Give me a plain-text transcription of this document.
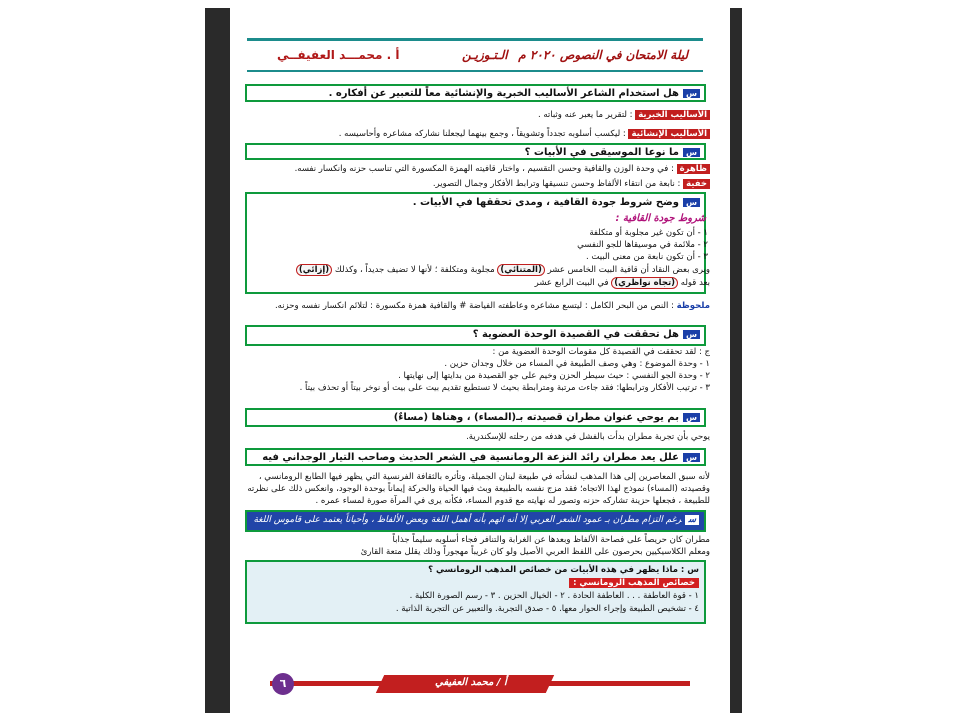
ليلة الامتحان في النصوص ٢٠٢٠ م
الـتـوزيـن
أ . محمـــد العفيفــي
سهل استخدام الشاعر الأساليب الخبرية والإنشائية معاً للتعبير عن أفكاره .
الأساليب الخبرية : لتقرير ما يعبر عنه وثباته .
الأساليب الإنشائية : ليكسب أسلوبه تجدداً وتشويقاً ، وجمع بينهما ليجعلنا نشاركه مشاعره وأحاسيسه .
سما نوعا الموسيقى في الأبيات ؟
ظاهرة : في وحدة الوزن والقافية وحسن التقسيم ، واختار قافيته الهمزة المكسورة التي تناسب حزنه وانكسار نفسه.
خفية : نابعة من انتقاء الألفاظ وحسن تنسيقها وترابط الأفكار وجمال التصوير.
سوضح شروط جودة القافية ، ومدى تحققها في الأبيات .
شروط جودة القافية :
١ - أن تكون غير مجلوبة أو متكلفة
٢ - ملائمة في موسيقاها للجو النفسي
٣ - أن تكون نابعة من معنى البيت .
ويرى بعض النقاد أن قافية البيت الخامس عشر (المتنائي) مجلوبة ومتكلفة ؛ لأنها لا تضيف جديداً ، وكذلك (إزائي)
بعد قوله (تجاه نواظري) في البيت الرابع عشر
ملحوظة : النص من البحر الكامل : ليتسع مشاعره وعاطفته الفياضة # والقافية همزة مكسورة : لتلائم انكسار نفسه وحزنه.
سهل تحققت في القصيدة الوحدة العضوية ؟
ج : لقد تحققت في القصيدة كل مقومات الوحدة العضوية من :
١ - وحدة الموضوع : وهي وصف الطبيعة في المساء من خلال وجدان حزين .
٢ - وحدة الجو النفسي : حيث سيطر الحزن وخيم على جو القصيدة من بدايتها إلى نهايتها .
٣ - ترتيب الأفكار وترابطها: فقد جاءت مرتبة ومترابطة بحيث لا تستطيع تقديم بيت على بيت أو نوخر بيتاً أو تحذف بيتاً .
سبم يوحي عنوان مطران قصيدته بـ(المساء) ، وهناها (مساءٌ)
يوحي بأن تجربة مطران بدأت بالفشل في هدفه من رحلته للإسكندرية.
سعلل يعد مطران رائد النزعة الرومانسية في الشعر الحديث وصاحب التيار الوجداني فيه
لأنه سبق المعاصرين إلى هذا المذهب لنشأته في طبيعة لبنان الجميلة، وتأثره بالثقافة الفرنسية التي يظهر فيها الطابع الرومانسي ،
وقصيدته (المساء) نموذج لهذا الاتجاه؛ فقد مزج نفسه بالطبيعة وبث فيها الحياة والحركة إيماناً بوحدة الوجود، وانعكس ذلك على نظرته
للطبيعة ، فجعلها حزينة تشاركه حزنه وتصور له نهايته مع قدوم المساء، فكأنه يرى في المرآة صورة لمساء عمره .
سرغم التزام مطران بـ عمود الشعر العربي إلا أنه اتهم بأنه أهمل اللغة وبعض الألفاظ ، وأحياناً يعتمد على قاموس اللغة
مطران كان حريصاً على فصاحة الألفاظ وبعدها عن الغرابة والتنافر فجاء أسلوبه سليماً جذاباً
ومعلم الكلاسيكيين بحرصون على اللفظ العربي الأصيل ولو كان غريباً مهجوراً وذلك يقلل متعة القارئ
س : ماذا يظهر في هذه الأبيات من خصائص المذهب الرومانسي ؟
خصائص المذهب الرومانسي :
١ - قوة العاطفة . . . العاطفة الحادة . ٢ - الخيال الحزين . ٣ - رسم الصورة الكلية .
٤ - تشخيص الطبيعة وإجراء الحوار معها. ٥ - صدق التجربة. والتعبير عن التجربة الذاتية .
أ / محمد العفيفي
٦
